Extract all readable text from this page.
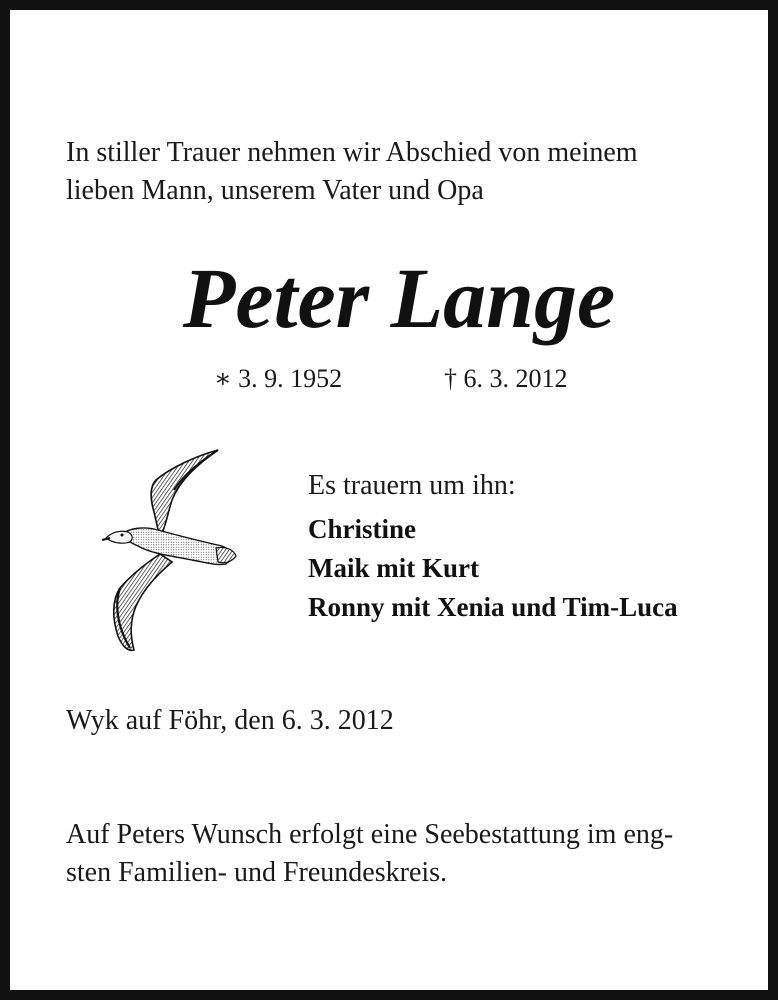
In stiller Trauer nehmen wir Abschied von meinem
lieben Mann, unserem Vater und Opa

Peter Lange
∗ 3. 9. 1952	† 6. 3. 2012

Es trauern um ihn:

Christine

Maik mit Kurt

Ronny mit Xenia und Tim-Luca

Wyk auf Föhr, den 6. 3. 2012

Auf Peters Wunsch erfolgt eine Seebestattung im eng-
sten Familien- und Freundeskreis.
